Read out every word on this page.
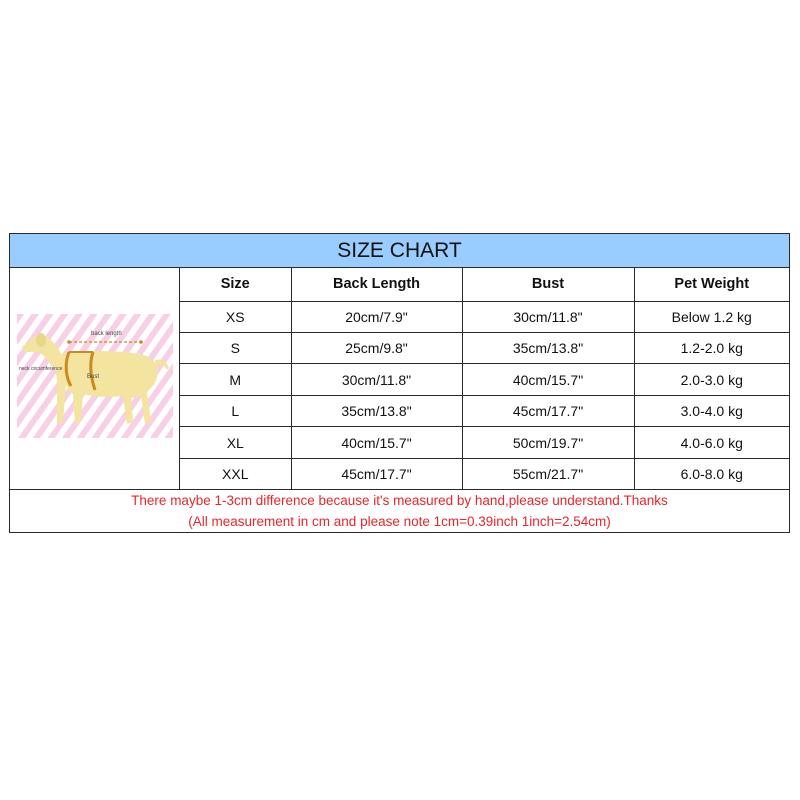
SIZE CHART
back length
Bust
neck circumference
Size	Back Length	Bust	Pet Weight
XS	20cm/7.9"	30cm/11.8"	Below 1.2 kg
S	25cm/9.8"	35cm/13.8"	1.2-2.0 kg
M	30cm/11.8"	40cm/15.7"	2.0-3.0 kg
L	35cm/13.8"	45cm/17.7"	3.0-4.0 kg
XL	40cm/15.7"	50cm/19.7"	4.0-6.0 kg
XXL	45cm/17.7"	55cm/21.7"	6.0-8.0 kg
There maybe 1-3cm difference because it's measured by hand,please understand.Thanks
(All measurement in cm and please note 1cm=0.39inch 1inch=2.54cm)
